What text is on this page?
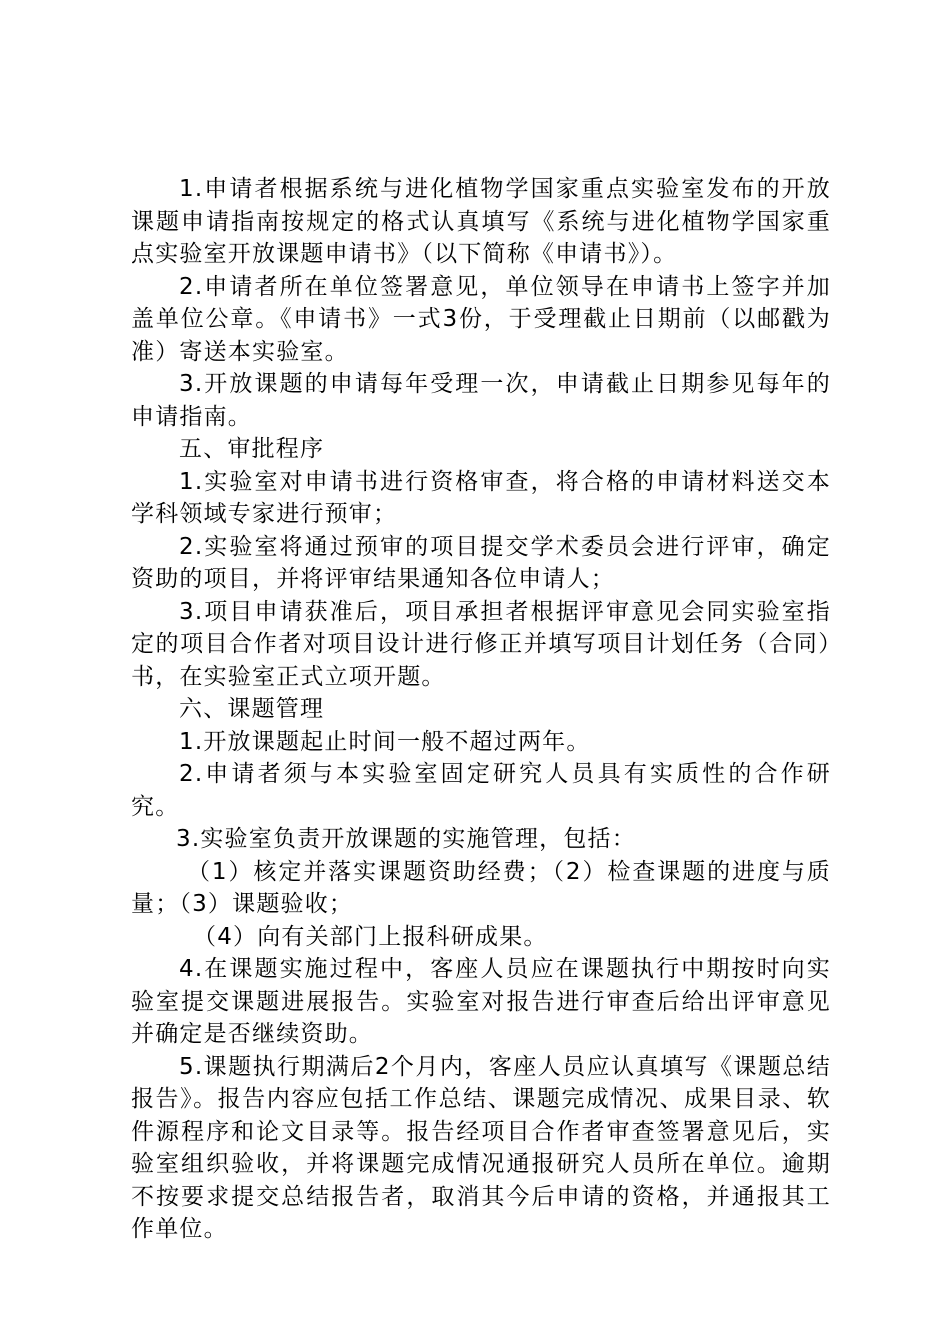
1.申请者根据系统与进化植物学国家重点实验室发布的开放课题申请指南按规定的格式认真填写《系统与进化植物学国家重点实验室开放课题申请书》（以下简称《申请书》）。

2.申请者所在单位签署意见，单位领导在申请书上签字并加盖单位公章。《申请书》一式3份，于受理截止日期前（以邮戳为准）寄送本实验室。

3.开放课题的申请每年受理一次，申请截止日期参见每年的申请指南。

五、审批程序

1.实验室对申请书进行资格审查，将合格的申请材料送交本学科领域专家进行预审；

2.实验室将通过预审的项目提交学术委员会进行评审，确定资助的项目，并将评审结果通知各位申请人；

3.项目申请获准后，项目承担者根据评审意见会同实验室指定的项目合作者对项目设计进行修正并填写项目计划任务（合同）书，在实验室正式立项开题。

六、课题管理

1.开放课题起止时间一般不超过两年。

2.申请者须与本实验室固定研究人员具有实质性的合作研究。

3.实验室负责开放课题的实施管理，包括：

（1）核定并落实课题资助经费；（2）检查课题的进度与质量；（3）课题验收；

（4）向有关部门上报科研成果。

4.在课题实施过程中，客座人员应在课题执行中期按时向实验室提交课题进展报告。实验室对报告进行审查后给出评审意见并确定是否继续资助。

5.课题执行期满后2个月内，客座人员应认真填写《课题总结报告》。报告内容应包括工作总结、课题完成情况、成果目录、软件源程序和论文目录等。报告经项目合作者审查签署意见后，实验室组织验收，并将课题完成情况通报研究人员所在单位。逾期不按要求提交总结报告者，取消其今后申请的资格，并通报其工作单位。
